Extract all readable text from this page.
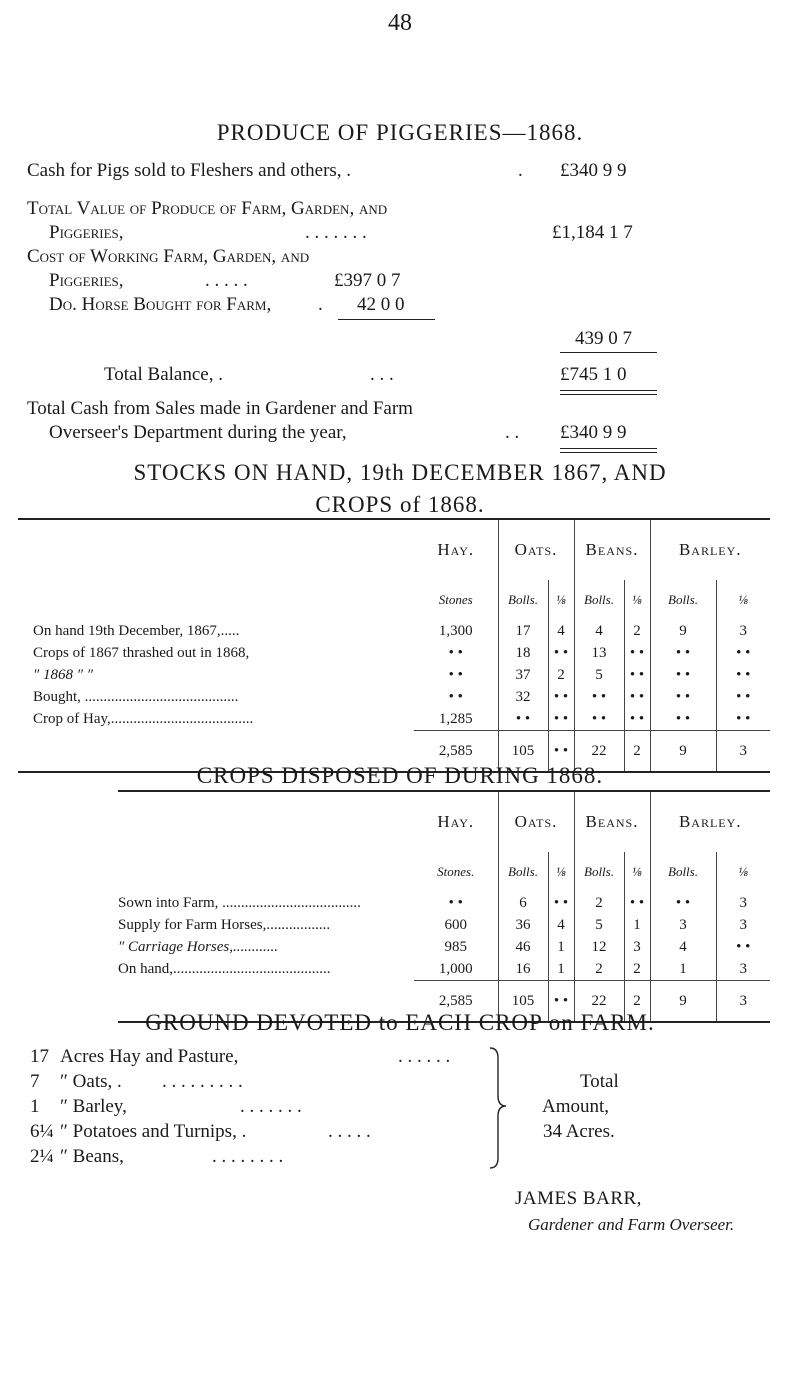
48
PRODUCE OF PIGGERIES—1868.
Cash for Pigs sold to Fleshers and others, .	. £340 9 9
Total Value of Produce of Farm, Garden, and
Piggeries,	. . . . . . .	£1,184 1 7
Cost of Working Farm, Garden, and
Piggeries,	. . . . .	£397 0 7
Do. Horse Bought for Farm, . 42 0 0
439 0 7
Total Balance, .	. . .	£745 1 0
Total Cash from Sales made in Gardener and Farm
Overseer's Department during the year,	. . £340 9 9
STOCKS ON HAND, 19th DECEMBER 1867, AND
CROPS of 1868.
	Hay.	Oats.		Beans.		Barley.	
	Stones	Bolls.	⅛	Bolls.	⅛	Bolls.	⅛
On hand 19th December, 1867,.....	1,300	17	4	4	2	9	3
Crops of 1867 thrashed out in 1868,	• •	18	• •	13	• •	• •	• •
″ 1868 ″ ″	• •	37	2	5	• •	• •	• •
Bought, .........................................	• •	32	• •	• •	• •	• •	• •
Crop of Hay,......................................	1,285	• •	• •	• •	• •	• •	• •
	2,585	105	• •	22	2	9	3
CROPS DISPOSED OF DURING 1868.
	Hay.	Oats.		Beans.		Barley.	
	Stones.	Bolls.	⅛	Bolls.	⅛	Bolls.	⅛
Sown into Farm, .....................................	• •	6	• •	2	• •	• •	3
Supply for Farm Horses,.................	600	36	4	5	1	3	3
″ Carriage Horses,............	985	46	1	12	3	4	• •
On hand,..........................................	1,000	16	1	2	2	1	3
	2,585	105	• •	22	2	9	3
GROUND DEVOTED to EACH CROP on FARM.
17 Acres Hay and Pasture,	. . . . . .
7 ″ Oats, . . . . . . . . . .
1 ″ Barley,	. . . . . . .
6¼ ″ Potatoes and Turnips, .	. . . . .
2¼ ″ Beans,	. . . . . . . .
Total
Amount,
34 Acres.
JAMES BARR,
Gardener and Farm Overseer.
